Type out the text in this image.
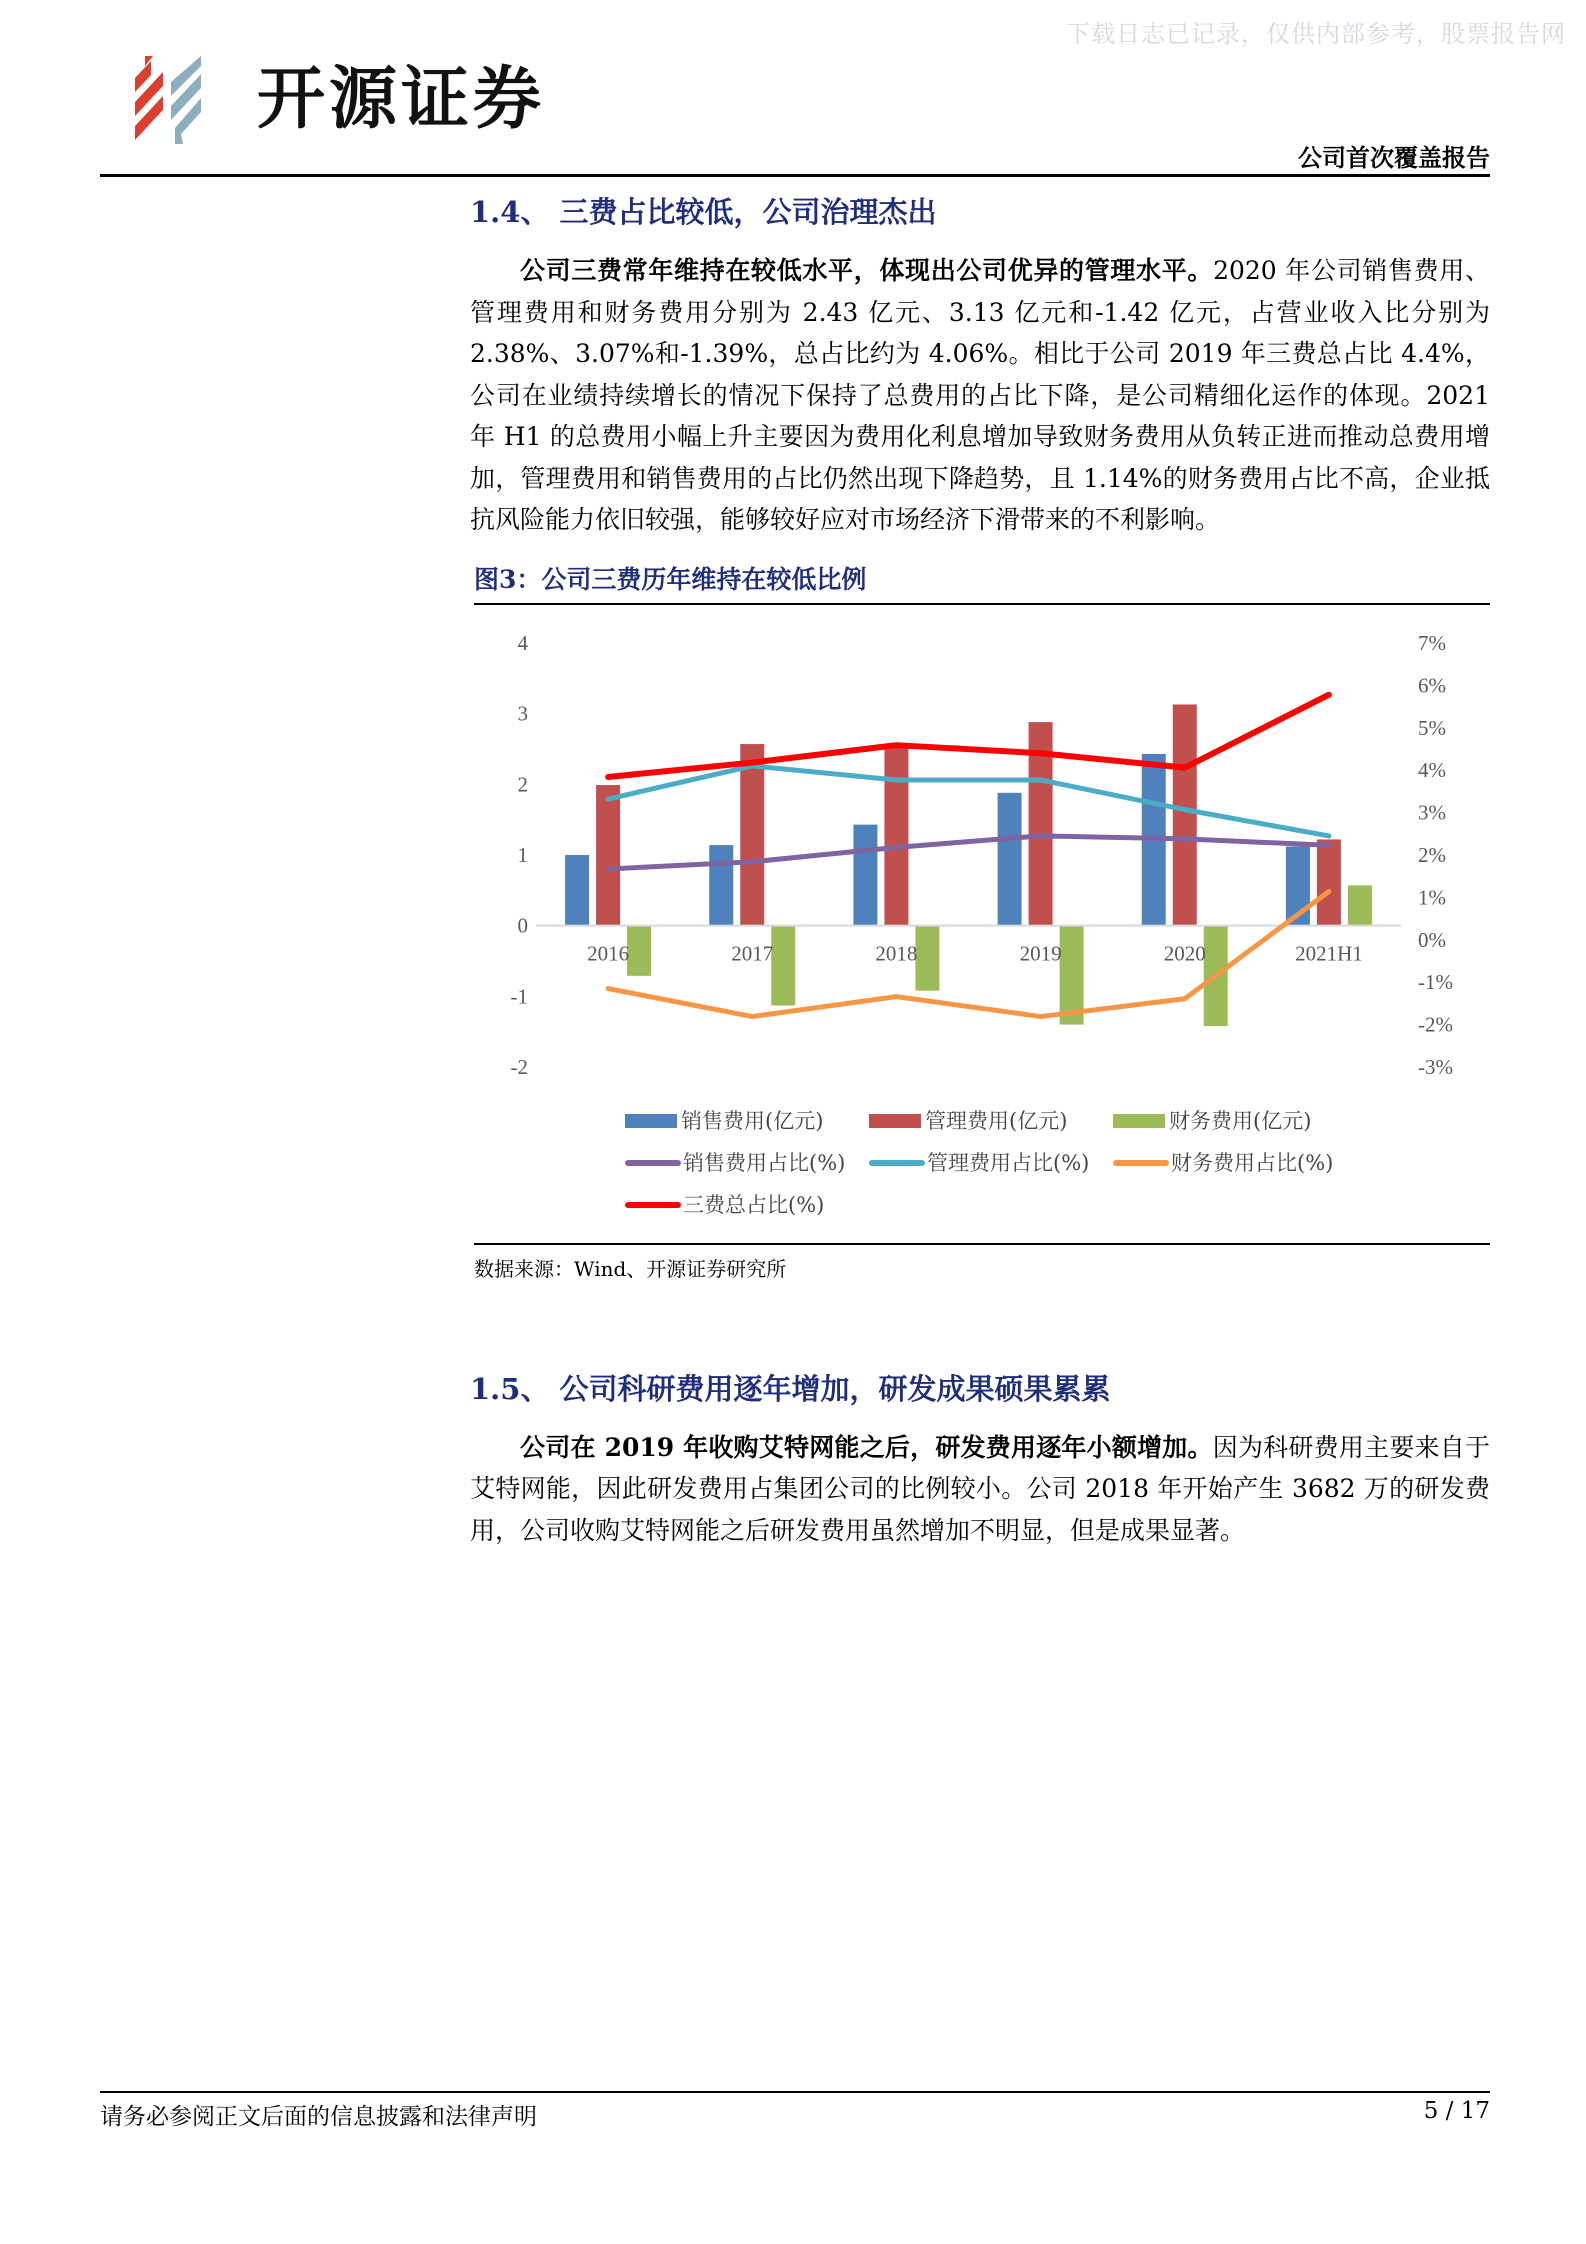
下载日志已记录，仅供内部参考，股票报告网
开源证券
公司首次覆盖报告
1.4、 三费占比较低，公司治理杰出
公司三费常年维持在较低水平，体现出公司优异的管理水平。2020 年公司销售费用、管理费用和财务费用分别为 2.43 亿元、3.13 亿元和-1.42 亿元，占营业收入比分别为 2.38%、3.07%和-1.39%，总占比约为 4.06%。相比于公司 2019 年三费总占比 4.4%，公司在业绩持续增长的情况下保持了总费用的占比下降，是公司精细化运作的体现。2021 年 H1 的总费用小幅上升主要因为费用化利息增加导致财务费用从负转正进而推动总费用增加，管理费用和销售费用的占比仍然出现下降趋势，且 1.14%的财务费用占比不高，企业抵抗风险能力依旧较强，能够较好应对市场经济下滑带来的不利影响。
图3：公司三费历年维持在较低比例
4
3
2
1
0
-1
-2
7%
6%
5%
4%
3%
2%
1%
0%
-1%
-2%
-3%
2016	2017	2018	2019	2020	2021H1
销售费用(亿元)	管理费用(亿元)	财务费用(亿元)
销售费用占比(%)	管理费用占比(%)	财务费用占比(%)
三费总占比(%)
数据来源：Wind、开源证券研究所
1.5、 公司科研费用逐年增加，研发成果硕果累累
公司在 2019 年收购艾特网能之后，研发费用逐年小额增加。因为科研费用主要来自于艾特网能，因此研发费用占集团公司的比例较小。公司 2018 年开始产生 3682 万的研发费用，公司收购艾特网能之后研发费用虽然增加不明显，但是成果显著。
请务必参阅正文后面的信息披露和法律声明	5 / 17
